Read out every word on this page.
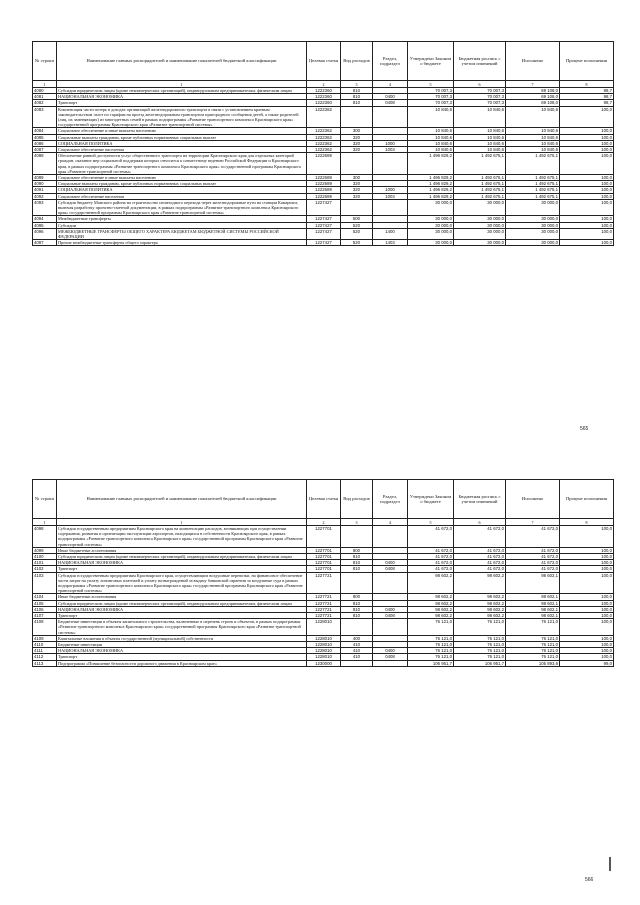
№ строки	Наименование главных распорядителей и наименование показателей бюджетной классификации	Целевая статья	Вид расходов	Раздел, подраздел	Утверждено Законом о бюджете	Бюджетная роспись с учетом изменений	Исполнено	Процент исполнения
1	1	2	3	4	5	6	7	8
4080	Субсидии юридическим лицам (кроме некоммерческих организаций), индивидуальным предпринимателям, физическим лицам	1222360	810		70 007,3	70 007,3	69 108,0	98,7
4081	НАЦИОНАЛЬНАЯ ЭКОНОМИКА	1222360	810	0400	70 007,3	70 007,3	69 108,0	98,7
4082	Транспорт	1222360	810	0408	70 007,3	70 007,3	69 108,0	98,7
4083	Компенсация части потерь в доходах организаций железнодорожного транспорта в связи с установлением краевым законодательством льгот по тарифам на проезд железнодорожным транспортом пригородного сообщения детей, а также родителей (лиц, их заменяющих) из многодетных семей в рамках подпрограммы «Развитие транспортного комплекса Красноярского края» государственной программы Красноярского края «Развитие транспортной системы»	1222362			10 840,6	10 840,6	10 840,6	100,0
4084	Социальное обеспечение и иные выплаты населению	1222362	300		10 840,6	10 840,6	10 840,6	100,0
4085	Социальные выплаты гражданам, кроме публичных нормативных социальных выплат	1222362	320		10 840,6	10 840,6	10 840,6	100,0
4086	СОЦИАЛЬНАЯ ПОЛИТИКА	1222362	320	1000	10 840,6	10 840,6	10 840,6	100,0
4087	Социальное обеспечение населения	1222362	320	1003	10 840,6	10 840,6	10 840,6	100,0
4088	Обеспечение равной доступности услуг общественного транспорта на территории Красноярского края для отдельных категорий граждан, оказание мер социальной поддержки которых относится к совместному ведению Российской Федерации и Красноярского края, в рамках подпрограммы «Развитие транспортного комплекса Красноярского края» государственной программы Красноярского края «Развитие транспортной системы»	1222689			1 496 829,2	1 492 675,1	1 492 675,1	100,0
4089	Социальное обеспечение и иные выплаты населению	1222689	300		1 496 829,2	1 492 675,1	1 492 675,1	100,0
4090	Социальные выплаты гражданам, кроме публичных нормативных социальных выплат	1222689	320		1 496 829,2	1 492 675,1	1 492 675,1	100,0
4091	СОЦИАЛЬНАЯ ПОЛИТИКА	1222689	320	1000	1 496 829,2	1 492 675,1	1 492 675,1	100,0
4092	Социальное обеспечение населения	1222689	320	1003	1 496 829,2	1 492 675,1	1 492 675,1	100,0
4093	Субсидия бюджету Манского района на строительство пешеходного перехода через железнодорожные пути на станции Камарчага, включая разработку проектно-сметной документации, в рамках подпрограммы «Развитие транспортного комплекса Красноярского края» государственной программы Красноярского края «Развитие транспортной системы»	1227427			30 000,0	30 000,0	30 000,0	100,0
4094	Межбюджетные трансферты	1227427	500		30 000,0	30 000,0	30 000,0	100,0
4095	Субсидии	1227427	520		30 000,0	30 000,0	30 000,0	100,0
4096	МЕЖБЮДЖЕТНЫЕ ТРАНСФЕРТЫ ОБЩЕГО ХАРАКТЕРА БЮДЖЕТАМ БЮДЖЕТНОЙ СИСТЕМЫ РОССИЙСКОЙ ФЕДЕРАЦИИ	1227427	520	1400	30 000,0	30 000,0	30 000,0	100,0
4097	Прочие межбюджетные трансферты общего характера	1227427	520	1403	30 000,0	30 000,0	30 000,0	100,0
565
№ строки	Наименование главных распорядителей и наименование показателей бюджетной классификации	Целевая статья	Вид расходов	Раздел, подраздел	Утверждено Законом о бюджете	Бюджетная роспись с учетом изменений	Исполнено	Процент исполнения
1	1	2	3	4	5	6	7	8
4098	Субсидия государственным предприятиям Красноярского края на компенсацию расходов, возникающих при осуществлении содержания, развития и организации эксплуатации аэропортов, находящихся в собственности Красноярского края, в рамках подпрограммы «Развитие транспортного комплекса Красноярского края» государственной программы Красноярского края «Развитие транспортной системы»	1227701			41 672,0	41 672,0	41 672,0	100,0
4099	Иные бюджетные ассигнования	1227701	800		41 672,0	41 672,0	41 672,0	100,0
4100	Субсидии юридическим лицам (кроме некоммерческих организаций), индивидуальным предпринимателям, физическим лицам	1227701	810		41 672,0	41 672,0	41 672,0	100,0
4101	НАЦИОНАЛЬНАЯ ЭКОНОМИКА	1227701	810	0400	41 672,0	41 672,0	41 672,0	100,0
4102	Транспорт	1227701	810	0408	41 672,0	41 672,0	41 672,0	100,0
4103	Субсидия государственным предприятиям Красноярского края, осуществляющим воздушные перевозки, на финансовое обеспечение части затрат на уплату лизинговых платежей и уплату вознаграждений за выдачу банковской гарантии за воздушные суда в рамках подпрограммы «Развитие транспортного комплекса Красноярского края» государственной программы Красноярского края «Развитие транспортной системы»	1227721			98 602,2	98 602,2	98 602,1	100,0
4104	Иные бюджетные ассигнования	1227721	800		98 602,2	98 602,2	98 602,1	100,0
4105	Субсидии юридическим лицам (кроме некоммерческих организаций), индивидуальным предпринимателям, физическим лицам	1227721	810		98 602,2	98 602,2	98 602,1	100,0
4106	НАЦИОНАЛЬНАЯ ЭКОНОМИКА	1227721	810	0400	98 602,2	98 602,2	98 602,1	100,0
4107	Транспорт	1227721	810	0408	98 602,2	98 602,2	98 602,1	100,0
4108	Бюджетные инвестиции в объекты капитального строительства, включенные в перечень строек и объектов, в рамках подпрограммы «Развитие транспортного комплекса Красноярского края» государственной программы Красноярского края «Развитие транспортной системы»	1228010			76 121,0	76 121,0	76 121,0	100,0
4109	Капитальные вложения в объекты государственной (муниципальной) собственности	1228010	400		76 121,0	76 121,0	76 121,0	100,0
4110	Бюджетные инвестиции	1228010	410		76 121,0	76 121,0	76 121,0	100,0
4111	НАЦИОНАЛЬНАЯ ЭКОНОМИКА	1228010	410	0400	76 121,0	76 121,0	76 121,0	100,0
4112	Транспорт	1228010	410	0408	76 121,0	76 121,0	76 121,0	100,0
4113	Подпрограмма «Повышение безопасности дорожного движения в Красноярском крае»	1230000			106 951,7	106 951,7	105 893,6	99,0
566
